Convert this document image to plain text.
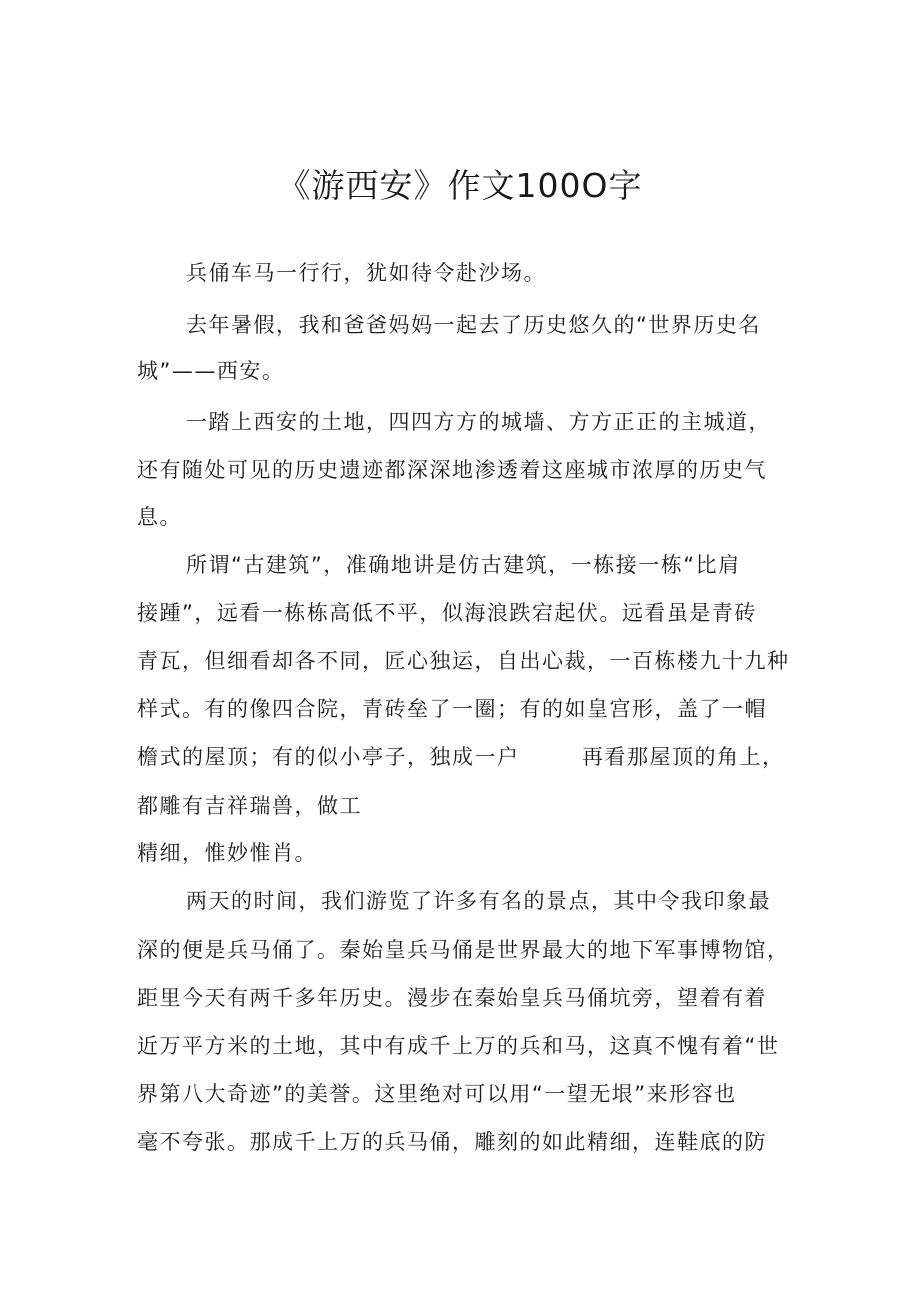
《游西安》作文100O字

兵俑车马一行行，犹如待令赴沙场。

去年暑假，我和爸爸妈妈一起去了历史悠久的“世界历史名

城”——西安。

一踏上西安的土地，四四方方的城墙、方方正正的主城道，

还有随处可见的历史遗迹都深深地渗透着这座城市浓厚的历史气

息。

所谓“古建筑”，准确地讲是仿古建筑，一栋接一栋“比肩

接踵”，远看一栋栋高低不平，似海浪跌宕起伏。远看虽是青砖

青瓦，但细看却各不同，匠心独运，自出心裁，一百栋楼九十九种

样式。有的像四合院，青砖垒了一圈；有的如皇宫形，盖了一帽

檐式的屋顶；有的似小亭子，独成一户	再看那屋顶的角上，

都雕有吉祥瑞兽，做工

精细，惟妙惟肖。

两天的时间，我们游览了许多有名的景点，其中令我印象最

深的便是兵马俑了。秦始皇兵马俑是世界最大的地下军事博物馆，

距里今天有两千多年历史。漫步在秦始皇兵马俑坑旁，望着有着

近万平方米的土地，其中有成千上万的兵和马，这真不愧有着“世

界第八大奇迹”的美誉。这里绝对可以用“一望无垠”来形容也

毫不夸张。那成千上万的兵马俑，雕刻的如此精细，连鞋底的防
